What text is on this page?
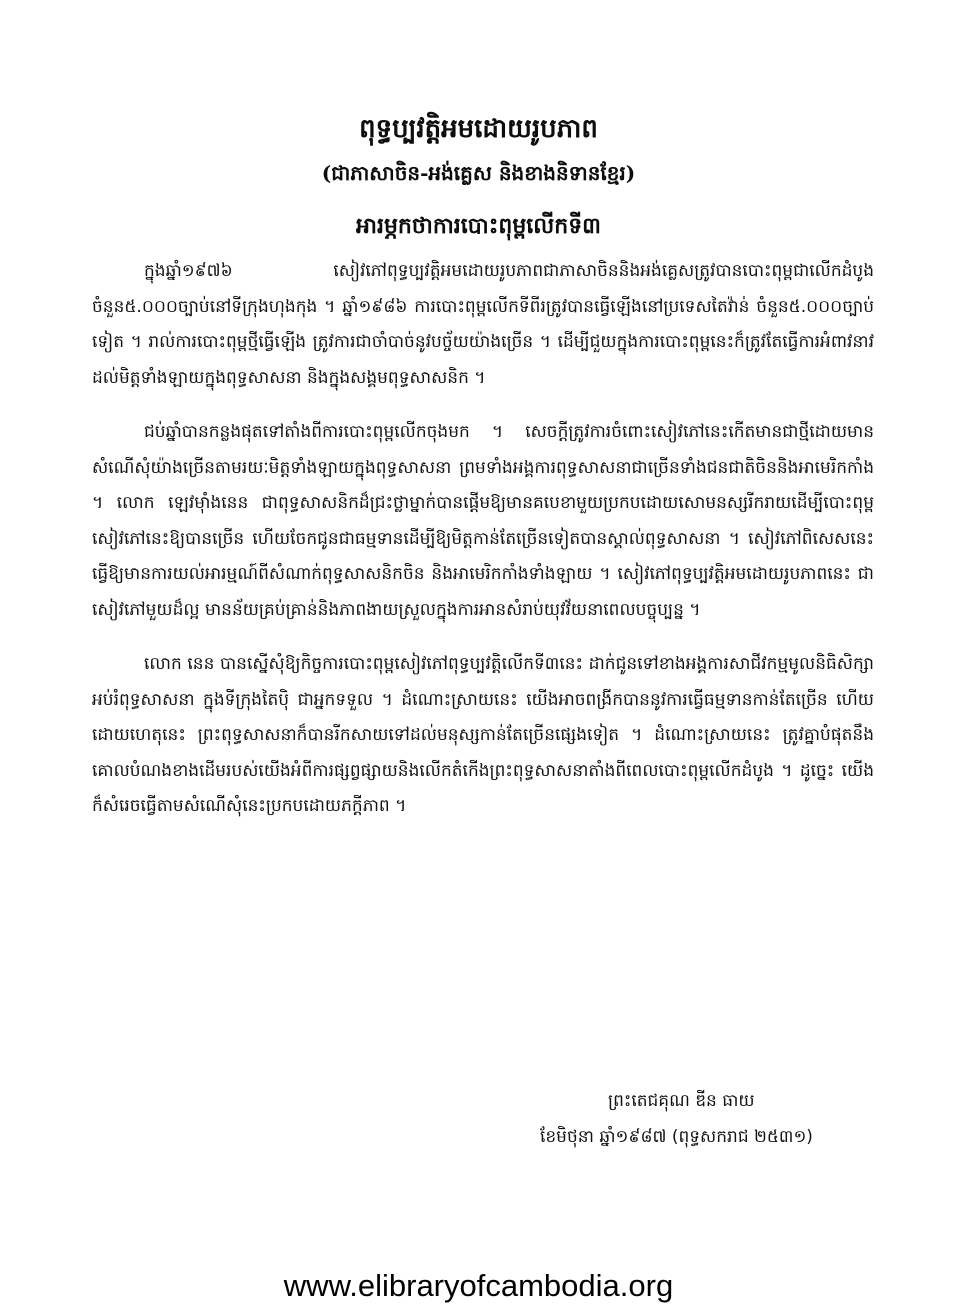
ពុទ្ធប្បវត្តិអមដោយរូបភាព
(ជាភាសាចិន-អង់គ្លេស និងខាងនិទានខ្មែរ)
អារម្ភកថាការបោះពុម្ពលើកទី៣

ក្នុងឆ្នាំ១៩៧៦ សៀវភៅពុទ្ធប្បវត្តិអមដោយរូបភាពជាភាសាចិននិងអង់គ្លេសត្រូវបានបោះពុម្ពជាលើកដំបូងចំនួន៥.០០០ច្បាប់នៅទីក្រុងហុងកុង ។ ឆ្នាំ១៩៨៦ ការបោះពុម្ពលើកទីពីរត្រូវបានធ្វើឡើងនៅប្រទេសតៃវ៉ាន់ ចំនួន៥.០០០ច្បាប់ទៀត ។ រាល់ការបោះពុម្ពថ្មីធ្វើឡើង ត្រូវការជាចាំបាច់នូវបច្ច័យយ៉ាងច្រើន ។ ដើម្បីជួយក្នុងការបោះពុម្ពនេះក៏ត្រូវតែធ្វើការអំពាវនាវដល់មិត្តទាំងឡាយក្នុងពុទ្ធសាសនា និងក្នុងសង្គមពុទ្ធសាសនិក ។

ជប់ឆ្នាំបានកន្លងផុតទៅតាំងពីការបោះពុម្ពលើកចុងមក ។ សេចក្ដីត្រូវការចំពោះសៀវភៅនេះកើតមានជាថ្មីដោយមានសំណើសុំយ៉ាងច្រើនតាមរយៈមិត្តទាំងឡាយក្នុងពុទ្ធសាសនា ព្រមទាំងអង្គការពុទ្ធសាសនាជាច្រើនទាំងជនជាតិចិននិងអាមេរិកកាំង ។ លោក ឡេវម៉ាំងនេន ជាពុទ្ធសាសនិកដ៏ជ្រះថ្លាម្នាក់បានផ្ដើមឱ្យមានគបេខាមួយប្រកបដោយសោមនស្សរីករាយដើម្បីបោះពុម្ពសៀវភៅនេះឱ្យបានច្រើន ហើយចែកជូនជាធម្មទានដើម្បីឱ្យមិត្តកាន់តែច្រើនទៀតបានស្គាល់ពុទ្ធសាសនា ។ សៀវភៅពិសេសនេះធ្វើឱ្យមានការយល់អារម្មណ៍ពីសំណាក់ពុទ្ធសាសនិកចិន និងអាមេរិកកាំងទាំងឡាយ ។ សៀវភៅពុទ្ធប្បវត្តិអមដោយរូបភាពនេះ ជាសៀវភៅមួយដ៏ល្អ មានន័យគ្រប់គ្រាន់និងភាពងាយស្រួលក្នុងការអានសំរាប់យុវវ័យនាពេលបច្ចុប្បន្ន ។

លោក នេន បានស្នើសុំឱ្យកិច្ចការបោះពុម្ពសៀវភៅពុទ្ធប្បវត្តិលើកទី៣នេះ ដាក់ជូនទៅខាងអង្គការសាជីវកម្មមូលនិធិសិក្សាអប់រំពុទ្ធសាសនា ក្នុងទីក្រុងតៃប៉ិ ជាអ្នកទទួល ។ ដំណោះស្រាយនេះ យើងអាចពង្រីកបាននូវការធ្វើធម្មទានកាន់តែច្រើន ហើយដោយហេតុនេះ ព្រះពុទ្ធសាសនាក៏បានរីកសាយទៅដល់មនុស្សកាន់តែច្រើនផ្សេងទៀត ។ ដំណោះស្រាយនេះ ត្រូវគ្នាបំផុតនឹងគោលបំណងខាងដើមរបស់យើងអំពីការផ្សព្វផ្សាយនិងលើកតំកើងព្រះពុទ្ធសាសនាតាំងពីពេលបោះពុម្ពលើកដំបូង ។ ដូច្នេះ យើងក៏សំរេចធ្វើតាមសំណើសុំនេះប្រកបដោយភក្ដីភាព ។

ព្រះតេជគុណ ឌីន ធាយ
ខែមិថុនា ឆ្នាំ១៩៨៧ (ពុទ្ធសករាជ ២៥៣១)
www.elibraryofcambodia.org
